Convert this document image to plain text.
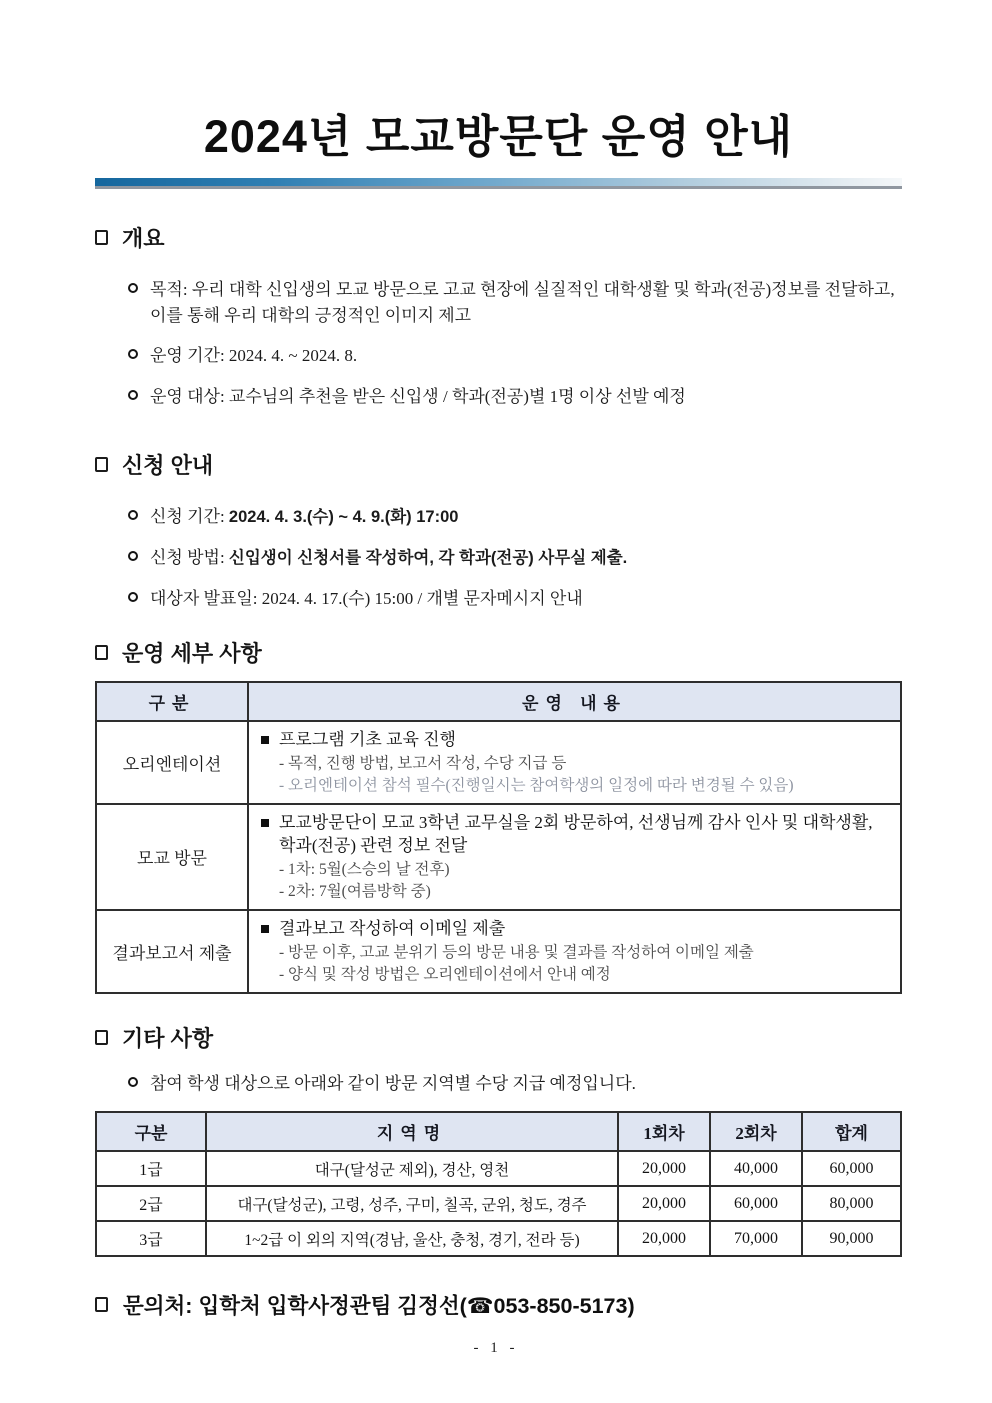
2024년 모교방문단 운영 안내
개요
목적: 우리 대학 신입생의 모교 방문으로 고교 현장에 실질적인 대학생활 및 학과(전공)정보를 전달하고, 이를 통해 우리 대학의 긍정적인 이미지 제고
운영 기간: 2024. 4. ~ 2024. 8.
운영 대상: 교수님의 추천을 받은 신입생 / 학과(전공)별 1명 이상 선발 예정
신청 안내
신청 기간: 2024. 4. 3.(수) ~ 4. 9.(화) 17:00
신청 방법: 신입생이 신청서를 작성하여, 각 학과(전공) 사무실 제출.
대상자 발표일: 2024. 4. 17.(수) 15:00 / 개별 문자메시지 안내
운영 세부 사항
구분	운영 내용
오리엔테이션	프로그램 기초 교육 진행
- 목적, 진행 방법, 보고서 작성, 수당 지급 등
- 오리엔테이션 참석 필수(진행일시는 참여학생의 일정에 따라 변경될 수 있음)

모교 방문	모교방문단이 모교 3학년 교무실을 2회 방문하여, 선생님께 감사 인사 및 대학생활, 학과(전공) 관련 정보 전달
- 1차: 5월(스승의 날 전후)
- 2차: 7월(여름방학 중)

결과보고서 제출	결과보고 작성하여 이메일 제출
- 방문 이후, 고교 분위기 등의 방문 내용 및 결과를 작성하여 이메일 제출
- 양식 및 작성 방법은 오리엔테이션에서 안내 예정
기타 사항
참여 학생 대상으로 아래와 같이 방문 지역별 수당 지급 예정입니다.
구분	지역명	1회차	2회차	합계
1급	대구(달성군 제외), 경산, 영천	20,000	40,000	60,000
2급	대구(달성군), 고령, 성주, 구미, 칠곡, 군위, 청도, 경주	20,000	60,000	80,000
3급	1~2급 이 외의 지역(경남, 울산, 충청, 경기, 전라 등)	20,000	70,000	90,000
문의처: 입학처 입학사정관팀 김정선(☎053-850-5173)
- 1 -
